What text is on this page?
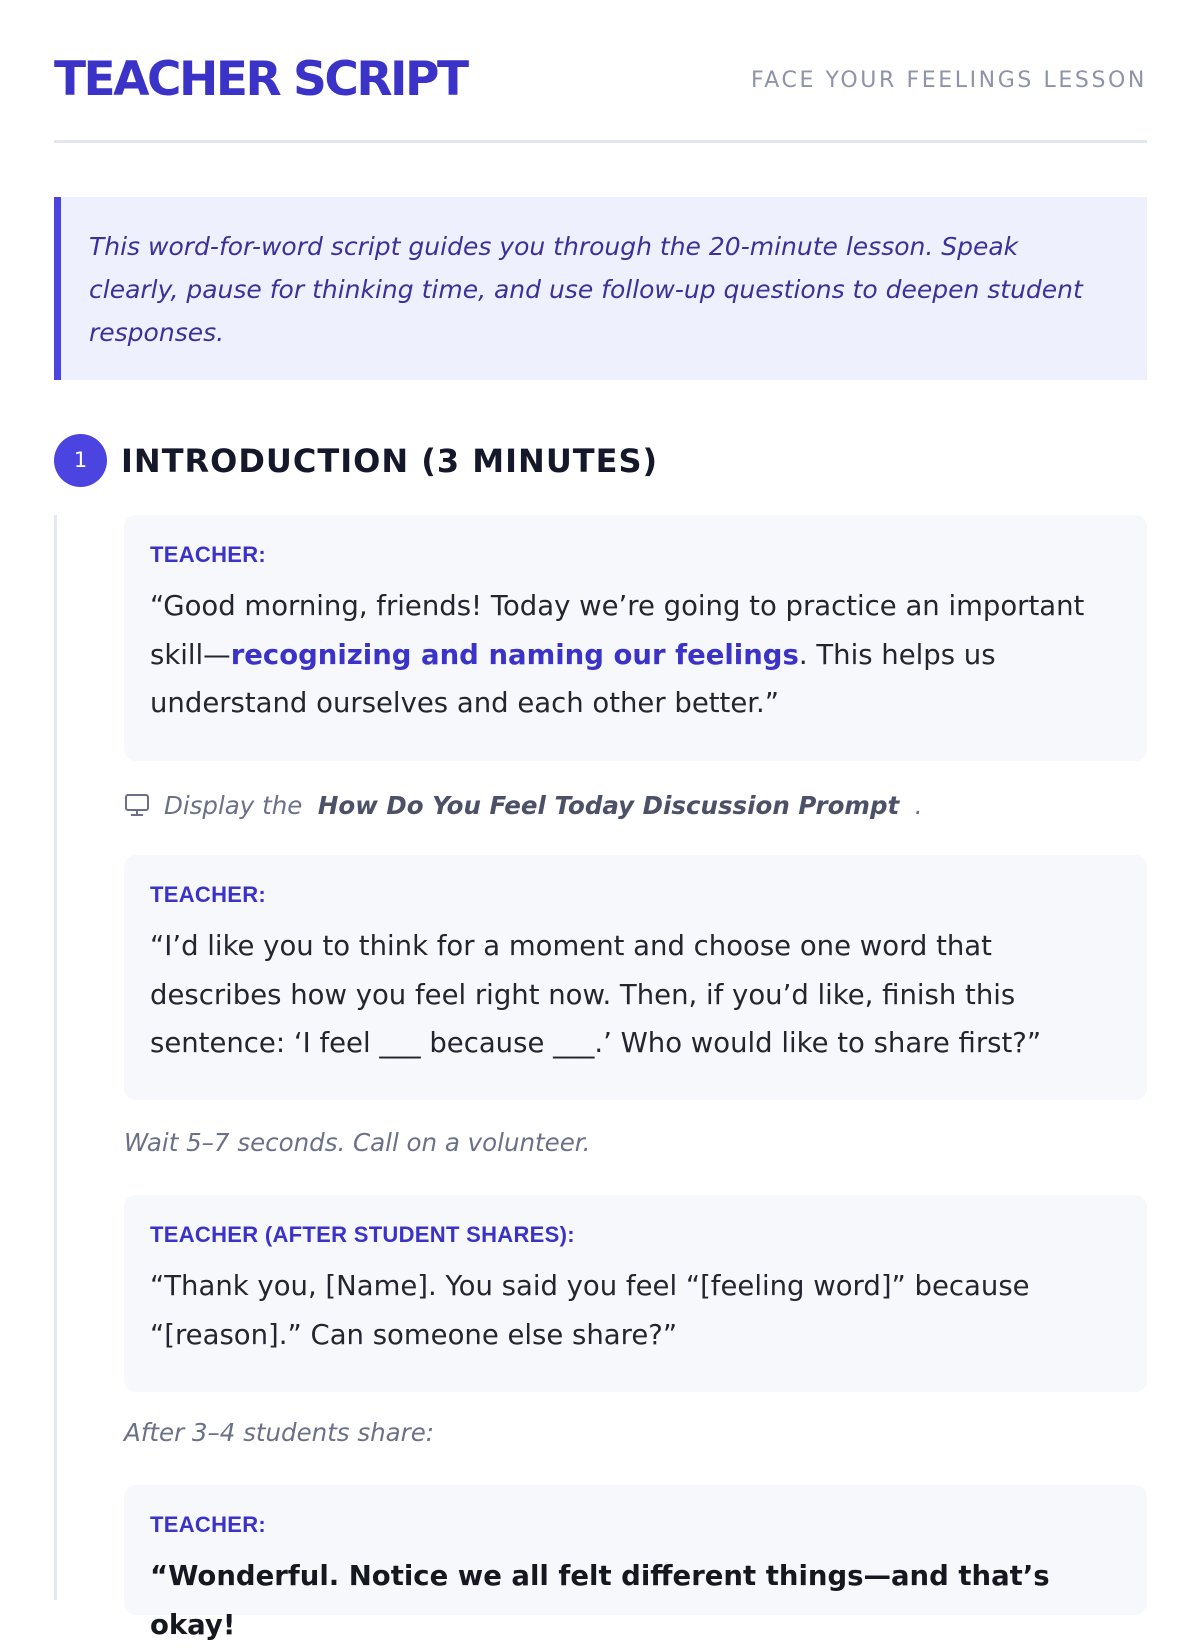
TEACHER SCRIPT	FACE YOUR FEELINGS LESSON

This word-for-word script guides you through the 20-minute lesson. Speak clearly, pause for thinking time, and use follow-up questions to deepen student responses.

1	INTRODUCTION (3 MINUTES)
TEACHER:

“Good morning, friends! Today we’re going to practice an important skill—recognizing and naming our feelings. This helps us understand ourselves and each other better.”

Display the How Do You Feel Today Discussion Prompt .
TEACHER:

“I’d like you to think for a moment and choose one word that describes how you feel right now. Then, if you’d like, finish this sentence: ‘I feel ___ because ___.’ Who would like to share first?”

Wait 5–7 seconds. Call on a volunteer.
TEACHER (AFTER STUDENT SHARES):

“Thank you, [Name]. You said you feel “[feeling word]” because “[reason].” Can someone else share?”

After 3–4 students share:
TEACHER:

“Wonderful. Notice we all felt different things—and that’s okay!
